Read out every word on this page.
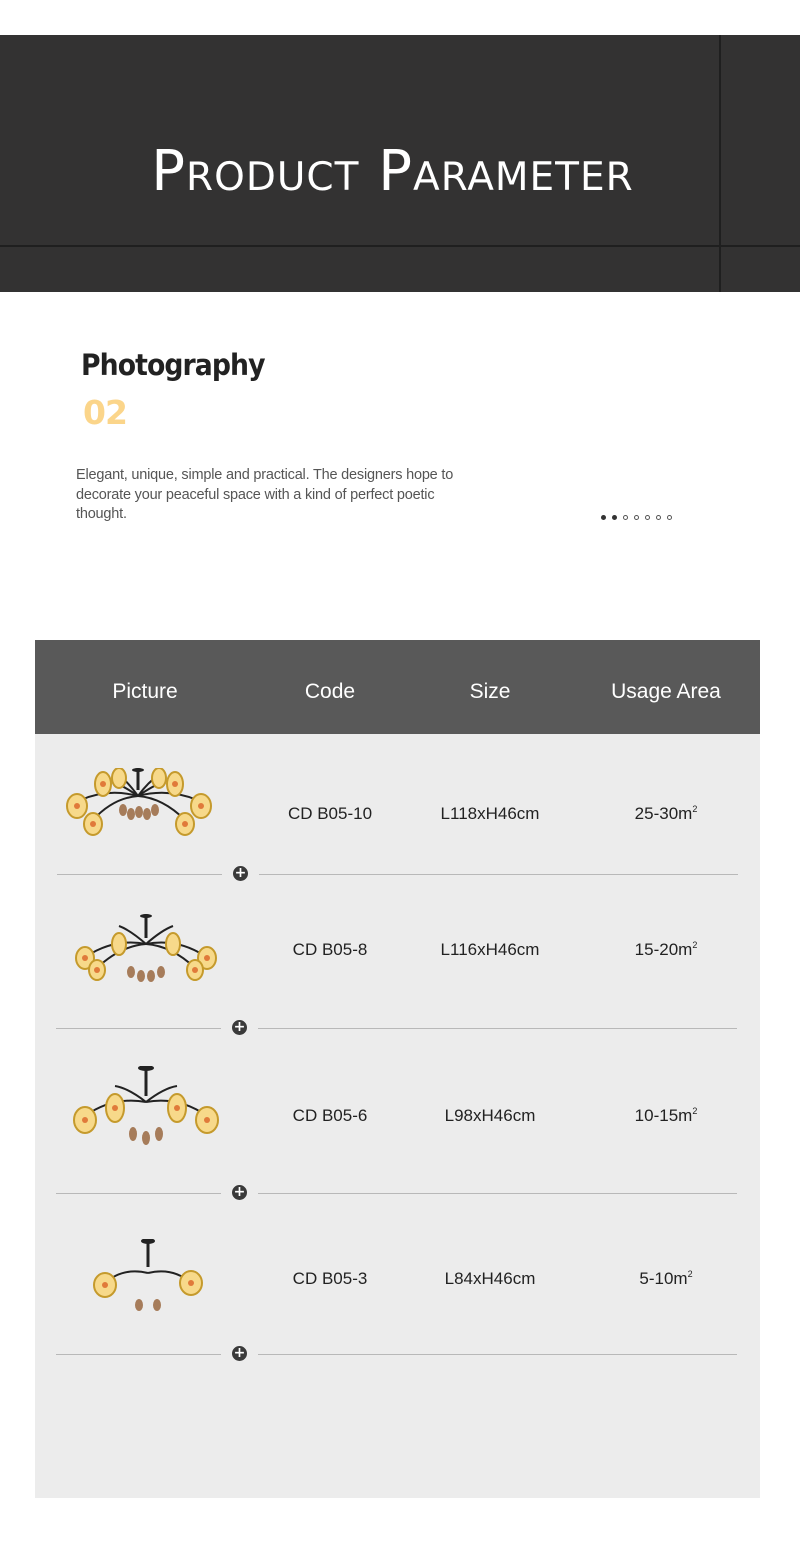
Product Parameter
Photography
02
Elegant, unique, simple and practical. The designers hope to decorate your peaceful space with a kind of perfect poetic thought.
Picture	Code	Size	Usage Area
CD B05-10	L118xH46cm	$25-30m^2$
+
CD B05-8	L116xH46cm	$15-20m^2$
+
CD B05-6	L98xH46cm	$10-15m^2$
+
CD B05-3	L84xH46cm	$5-10m^2$
+
